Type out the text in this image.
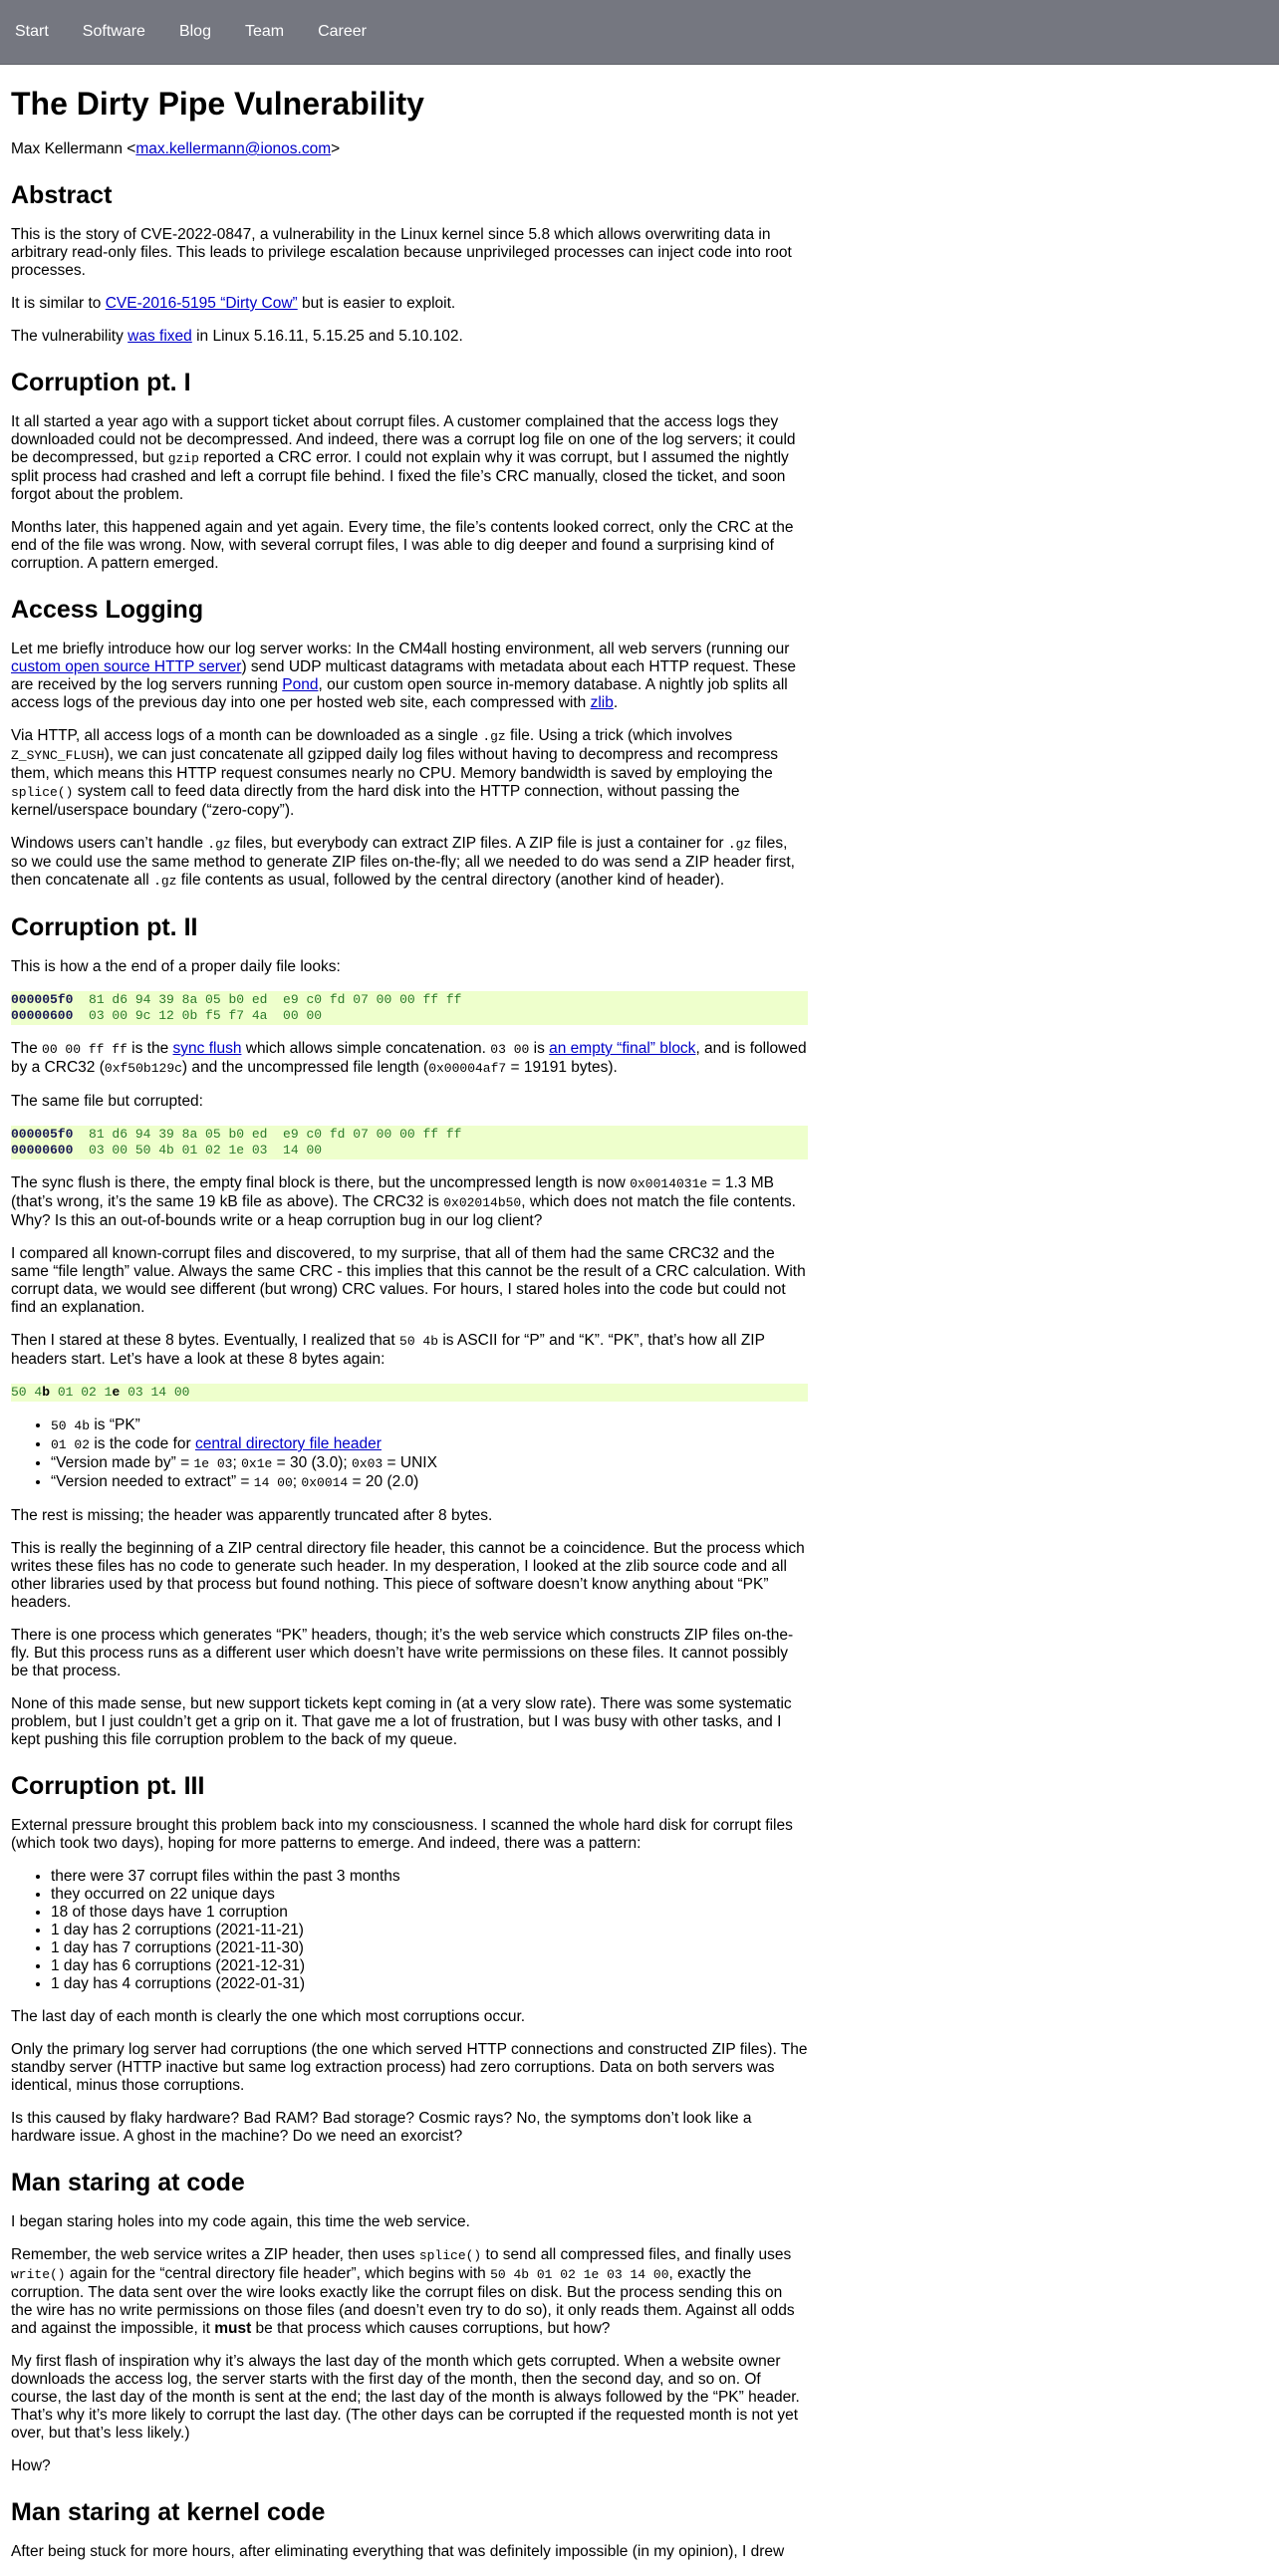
Start Software Blog Team Career
The Dirty Pipe Vulnerability

Max Kellermann <max.kellermann@ionos.com>

Abstract

This is the story of CVE-2022-0847, a vulnerability in the Linux kernel since 5.8 which allows overwriting data in arbitrary read-only files. This leads to privilege escalation because unprivileged processes can inject code into root processes.

It is similar to CVE-2016-5195 “Dirty Cow” but is easier to exploit.

The vulnerability was fixed in Linux 5.16.11, 5.15.25 and 5.10.102.

Corruption pt. I

It all started a year ago with a support ticket about corrupt files. A customer complained that the access logs they downloaded could not be decompressed. And indeed, there was a corrupt log file on one of the log servers; it could be decompressed, but gzip reported a CRC error. I could not explain why it was corrupt, but I assumed the nightly split process had crashed and left a corrupt file behind. I fixed the file’s CRC manually, closed the ticket, and soon forgot about the problem.

Months later, this happened again and yet again. Every time, the file’s contents looked correct, only the CRC at the end of the file was wrong. Now, with several corrupt files, I was able to dig deeper and found a surprising kind of corruption. A pattern emerged.

Access Logging

Let me briefly introduce how our log server works: In the CM4all hosting environment, all web servers (running our custom open source HTTP server) send UDP multicast datagrams with metadata about each HTTP request. These are received by the log servers running Pond, our custom open source in-memory database. A nightly job splits all access logs of the previous day into one per hosted web site, each compressed with zlib.

Via HTTP, all access logs of a month can be downloaded as a single .gz file. Using a trick (which involves Z_SYNC_FLUSH), we can just concatenate all gzipped daily log files without having to decompress and recompress them, which means this HTTP request consumes nearly no CPU. Memory bandwidth is saved by employing the splice() system call to feed data directly from the hard disk into the HTTP connection, without passing the kernel/userspace boundary (“zero-copy”).

Windows users can’t handle .gz files, but everybody can extract ZIP files. A ZIP file is just a container for .gz files, so we could use the same method to generate ZIP files on-the-fly; all we needed to do was send a ZIP header first, then concatenate all .gz file contents as usual, followed by the central directory (another kind of header).

Corruption pt. II

This is how a the end of a proper daily file looks:

000005f0  81 d6 94 39 8a 05 b0 ed  e9 c0 fd 07 00 00 ff ff
00000600  03 00 9c 12 0b f5 f7 4a  00 00

The 00 00 ff ff is the sync flush which allows simple concatenation. 03 00 is an empty “final” block, and is followed by a CRC32 (0xf50b129c) and the uncompressed file length (0x00004af7 = 19191 bytes).

The same file but corrupted:

000005f0  81 d6 94 39 8a 05 b0 ed  e9 c0 fd 07 00 00 ff ff
00000600  03 00 50 4b 01 02 1e 03  14 00

The sync flush is there, the empty final block is there, but the uncompressed length is now 0x0014031e = 1.3 MB (that’s wrong, it’s the same 19 kB file as above). The CRC32 is 0x02014b50, which does not match the file contents. Why? Is this an out-of-bounds write or a heap corruption bug in our log client?

I compared all known-corrupt files and discovered, to my surprise, that all of them had the same CRC32 and the same “file length” value. Always the same CRC - this implies that this cannot be the result of a CRC calculation. With corrupt data, we would see different (but wrong) CRC values. For hours, I stared holes into the code but could not find an explanation.

Then I stared at these 8 bytes. Eventually, I realized that 50 4b is ASCII for “P” and “K”. “PK”, that’s how all ZIP headers start. Let’s have a look at these 8 bytes again:

50 4b 01 02 1e 03 14 00
• 50 4b is “PK”
• 01 02 is the code for central directory file header
• “Version made by” = 1e 03; 0x1e = 30 (3.0); 0x03 = UNIX
• “Version needed to extract” = 14 00; 0x0014 = 20 (2.0)

The rest is missing; the header was apparently truncated after 8 bytes.

This is really the beginning of a ZIP central directory file header, this cannot be a coincidence. But the process which writes these files has no code to generate such header. In my desperation, I looked at the zlib source code and all other libraries used by that process but found nothing. This piece of software doesn’t know anything about “PK” headers.

There is one process which generates “PK” headers, though; it’s the web service which constructs ZIP files on-the-fly. But this process runs as a different user which doesn’t have write permissions on these files. It cannot possibly be that process.

None of this made sense, but new support tickets kept coming in (at a very slow rate). There was some systematic problem, but I just couldn’t get a grip on it. That gave me a lot of frustration, but I was busy with other tasks, and I kept pushing this file corruption problem to the back of my queue.

Corruption pt. III

External pressure brought this problem back into my consciousness. I scanned the whole hard disk for corrupt files (which took two days), hoping for more patterns to emerge. And indeed, there was a pattern:

• there were 37 corrupt files within the past 3 months
• they occurred on 22 unique days
• 18 of those days have 1 corruption
• 1 day has 2 corruptions (2021-11-21)
• 1 day has 7 corruptions (2021-11-30)
• 1 day has 6 corruptions (2021-12-31)
• 1 day has 4 corruptions (2022-01-31)

The last day of each month is clearly the one which most corruptions occur.

Only the primary log server had corruptions (the one which served HTTP connections and constructed ZIP files). The standby server (HTTP inactive but same log extraction process) had zero corruptions. Data on both servers was identical, minus those corruptions.

Is this caused by flaky hardware? Bad RAM? Bad storage? Cosmic rays? No, the symptoms don’t look like a hardware issue. A ghost in the machine? Do we need an exorcist?

Man staring at code

I began staring holes into my code again, this time the web service.

Remember, the web service writes a ZIP header, then uses splice() to send all compressed files, and finally uses write() again for the “central directory file header”, which begins with 50 4b 01 02 1e 03 14 00, exactly the corruption. The data sent over the wire looks exactly like the corrupt files on disk. But the process sending this on the wire has no write permissions on those files (and doesn’t even try to do so), it only reads them. Against all odds and against the impossible, it must be that process which causes corruptions, but how?

My first flash of inspiration why it’s always the last day of the month which gets corrupted. When a website owner downloads the access log, the server starts with the first day of the month, then the second day, and so on. Of course, the last day of the month is sent at the end; the last day of the month is always followed by the “PK” header. That’s why it’s more likely to corrupt the last day. (The other days can be corrupted if the requested month is not yet over, but that’s less likely.)

How?

Man staring at kernel code

After being stuck for more hours, after eliminating everything that was definitely impossible (in my opinion), I drew
